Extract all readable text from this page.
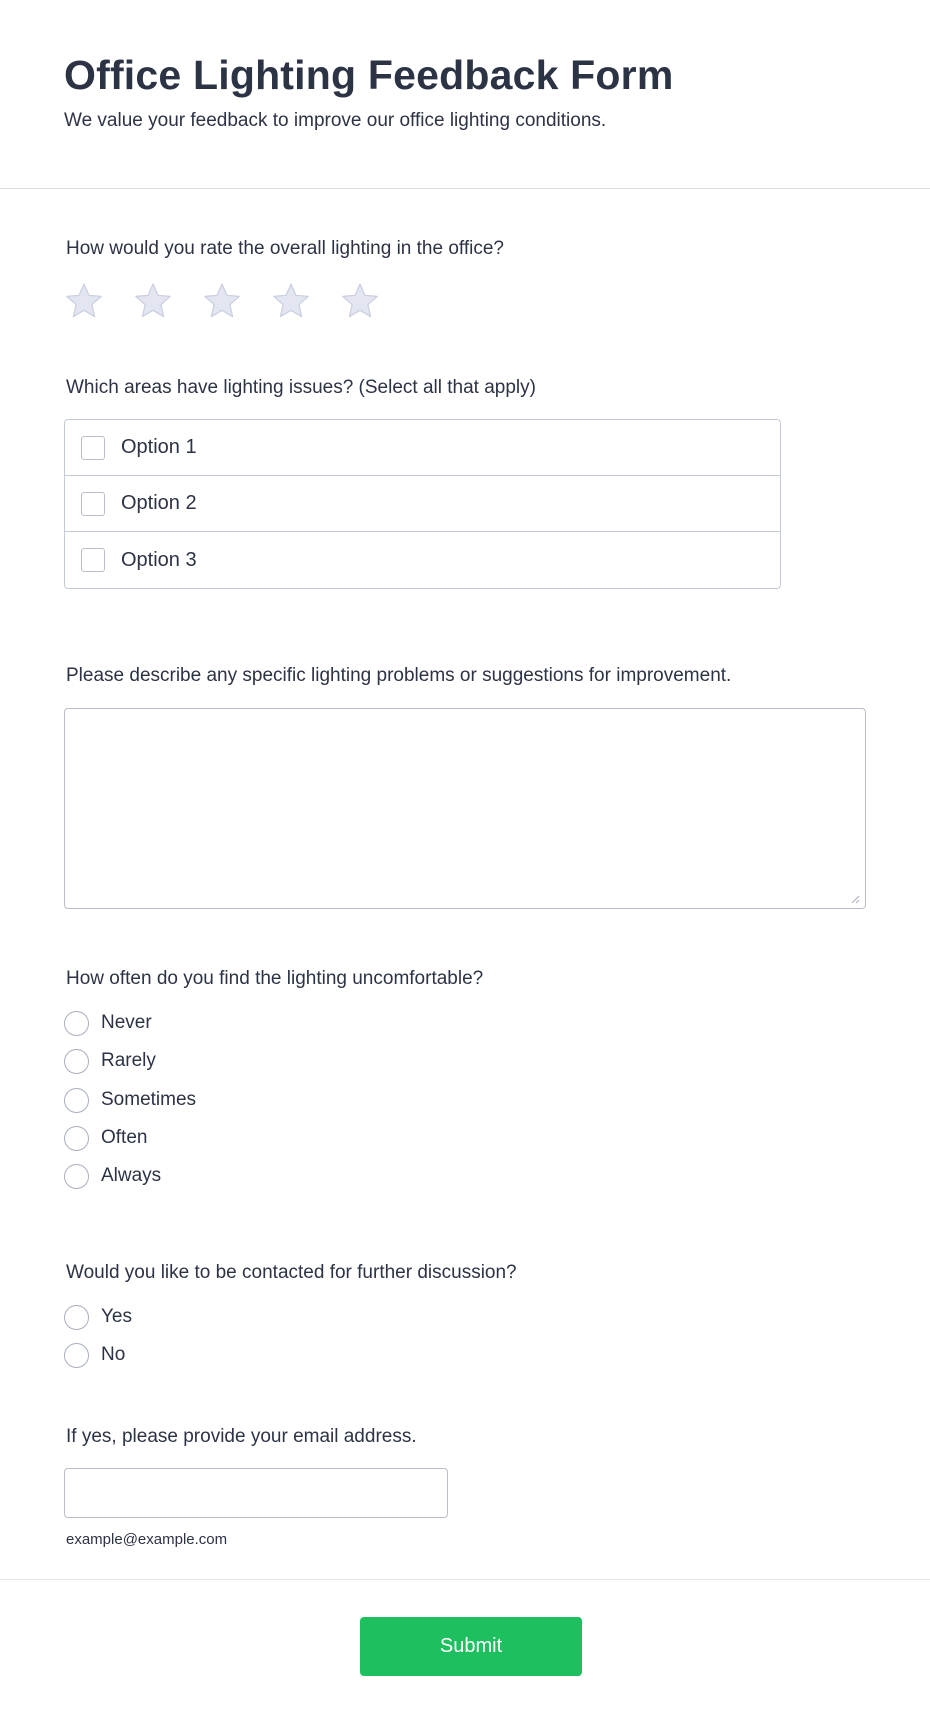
Office Lighting Feedback Form

We value your feedback to improve our office lighting conditions.

How would you rate the overall lighting in the office?
Which areas have lighting issues? (Select all that apply)
Option 1
Option 2
Option 3
Please describe any specific lighting problems or suggestions for improvement.
How often do you find the lighting uncomfortable?
Never
Rarely
Sometimes
Often
Always
Would you like to be contacted for further discussion?
Yes
No
If yes, please provide your email address.
example@example.com
Submit
